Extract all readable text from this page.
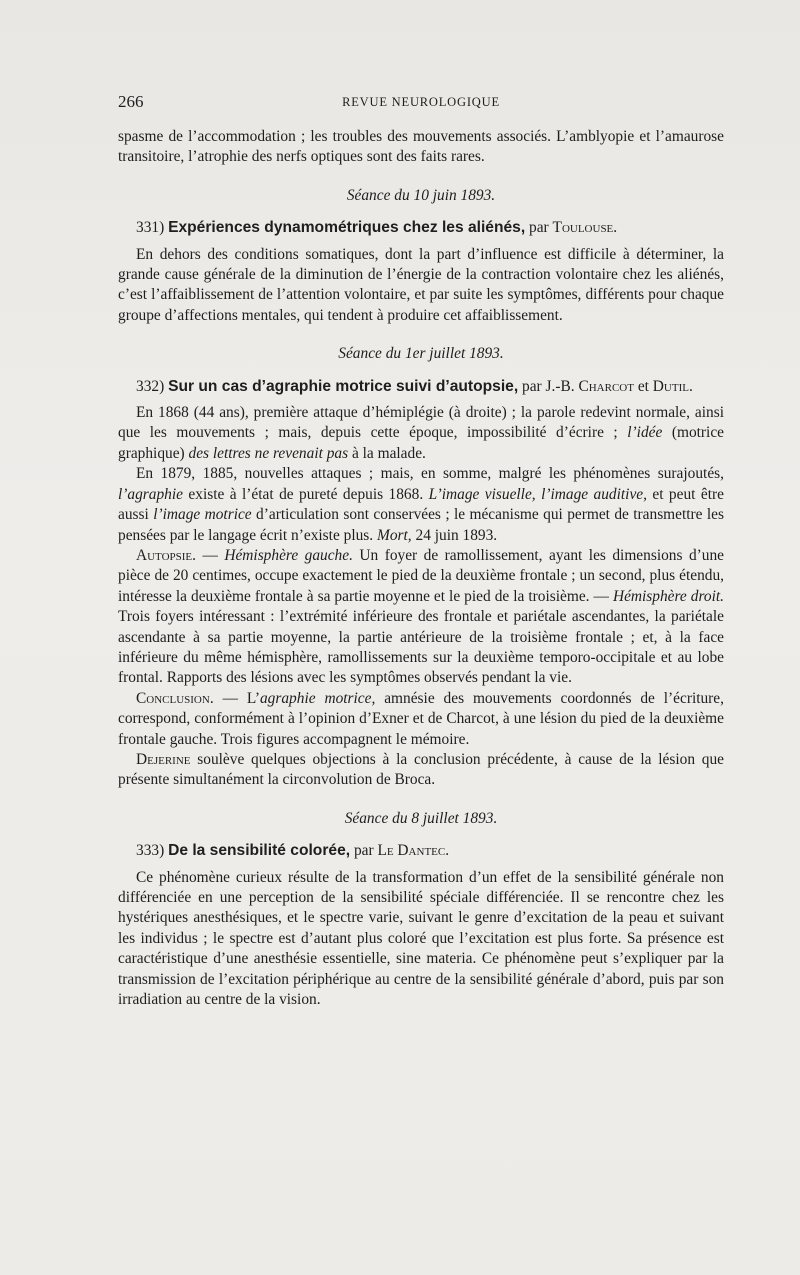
266	REVUE NEUROLOGIQUE

spasme de l’accommodation ; les troubles des mouvements associés. L’amblyopie et l’amaurose transitoire, l’atrophie des nerfs optiques sont des faits rares.

Séance du 10 juin 1893.

331) Expériences dynamométriques chez les aliénés, par Toulouse.

En dehors des conditions somatiques, dont la part d’influence est difficile à déterminer, la grande cause générale de la diminution de l’énergie de la contraction volontaire chez les aliénés, c’est l’affaiblissement de l’attention volontaire, et par suite les symptômes, différents pour chaque groupe d’affections mentales, qui tendent à produire cet affaiblissement.

Séance du 1er juillet 1893.

332) Sur un cas d’agraphie motrice suivi d’autopsie, par J.-B. Charcot et Dutil.

En 1868 (44 ans), première attaque d’hémiplégie (à droite) ; la parole redevint normale, ainsi que les mouvements ; mais, depuis cette époque, impossibilité d’écrire ; l’idée (motrice graphique) des lettres ne revenait pas à la malade.

En 1879, 1885, nouvelles attaques ; mais, en somme, malgré les phénomènes surajoutés, l’agraphie existe à l’état de pureté depuis 1868. L’image visuelle, l’image auditive, et peut être aussi l’image motrice d’articulation sont conservées ; le mécanisme qui permet de transmettre les pensées par le langage écrit n’existe plus. Mort, 24 juin 1893.

Autopsie. — Hémisphère gauche. Un foyer de ramollissement, ayant les dimensions d’une pièce de 20 centimes, occupe exactement le pied de la deuxième frontale ; un second, plus étendu, intéresse la deuxième frontale à sa partie moyenne et le pied de la troisième. — Hémisphère droit. Trois foyers intéressant : l’extrémité inférieure des frontale et pariétale ascendantes, la pariétale ascendante à sa partie moyenne, la partie antérieure de la troisième frontale ; et, à la face inférieure du même hémisphère, ramollissements sur la deuxième temporo-occipitale et au lobe frontal. Rapports des lésions avec les symptômes observés pendant la vie.

Conclusion. — L’agraphie motrice, amnésie des mouvements coordonnés de l’écriture, correspond, conformément à l’opinion d’Exner et de Charcot, à une lésion du pied de la deuxième frontale gauche. Trois figures accompagnent le mémoire.

Dejerine soulève quelques objections à la conclusion précédente, à cause de la lésion que présente simultanément la circonvolution de Broca.

Séance du 8 juillet 1893.

333) De la sensibilité colorée, par Le Dantec.

Ce phénomène curieux résulte de la transformation d’un effet de la sensibilité générale non différenciée en une perception de la sensibilité spéciale différenciée. Il se rencontre chez les hystériques anesthésiques, et le spectre varie, suivant le genre d’excitation de la peau et suivant les individus ; le spectre est d’autant plus coloré que l’excitation est plus forte. Sa présence est caractéristique d’une anesthésie essentielle, sine materia. Ce phénomène peut s’expliquer par la transmission de l’excitation périphérique au centre de la sensibilité générale d’abord, puis par son irradiation au centre de la vision.
